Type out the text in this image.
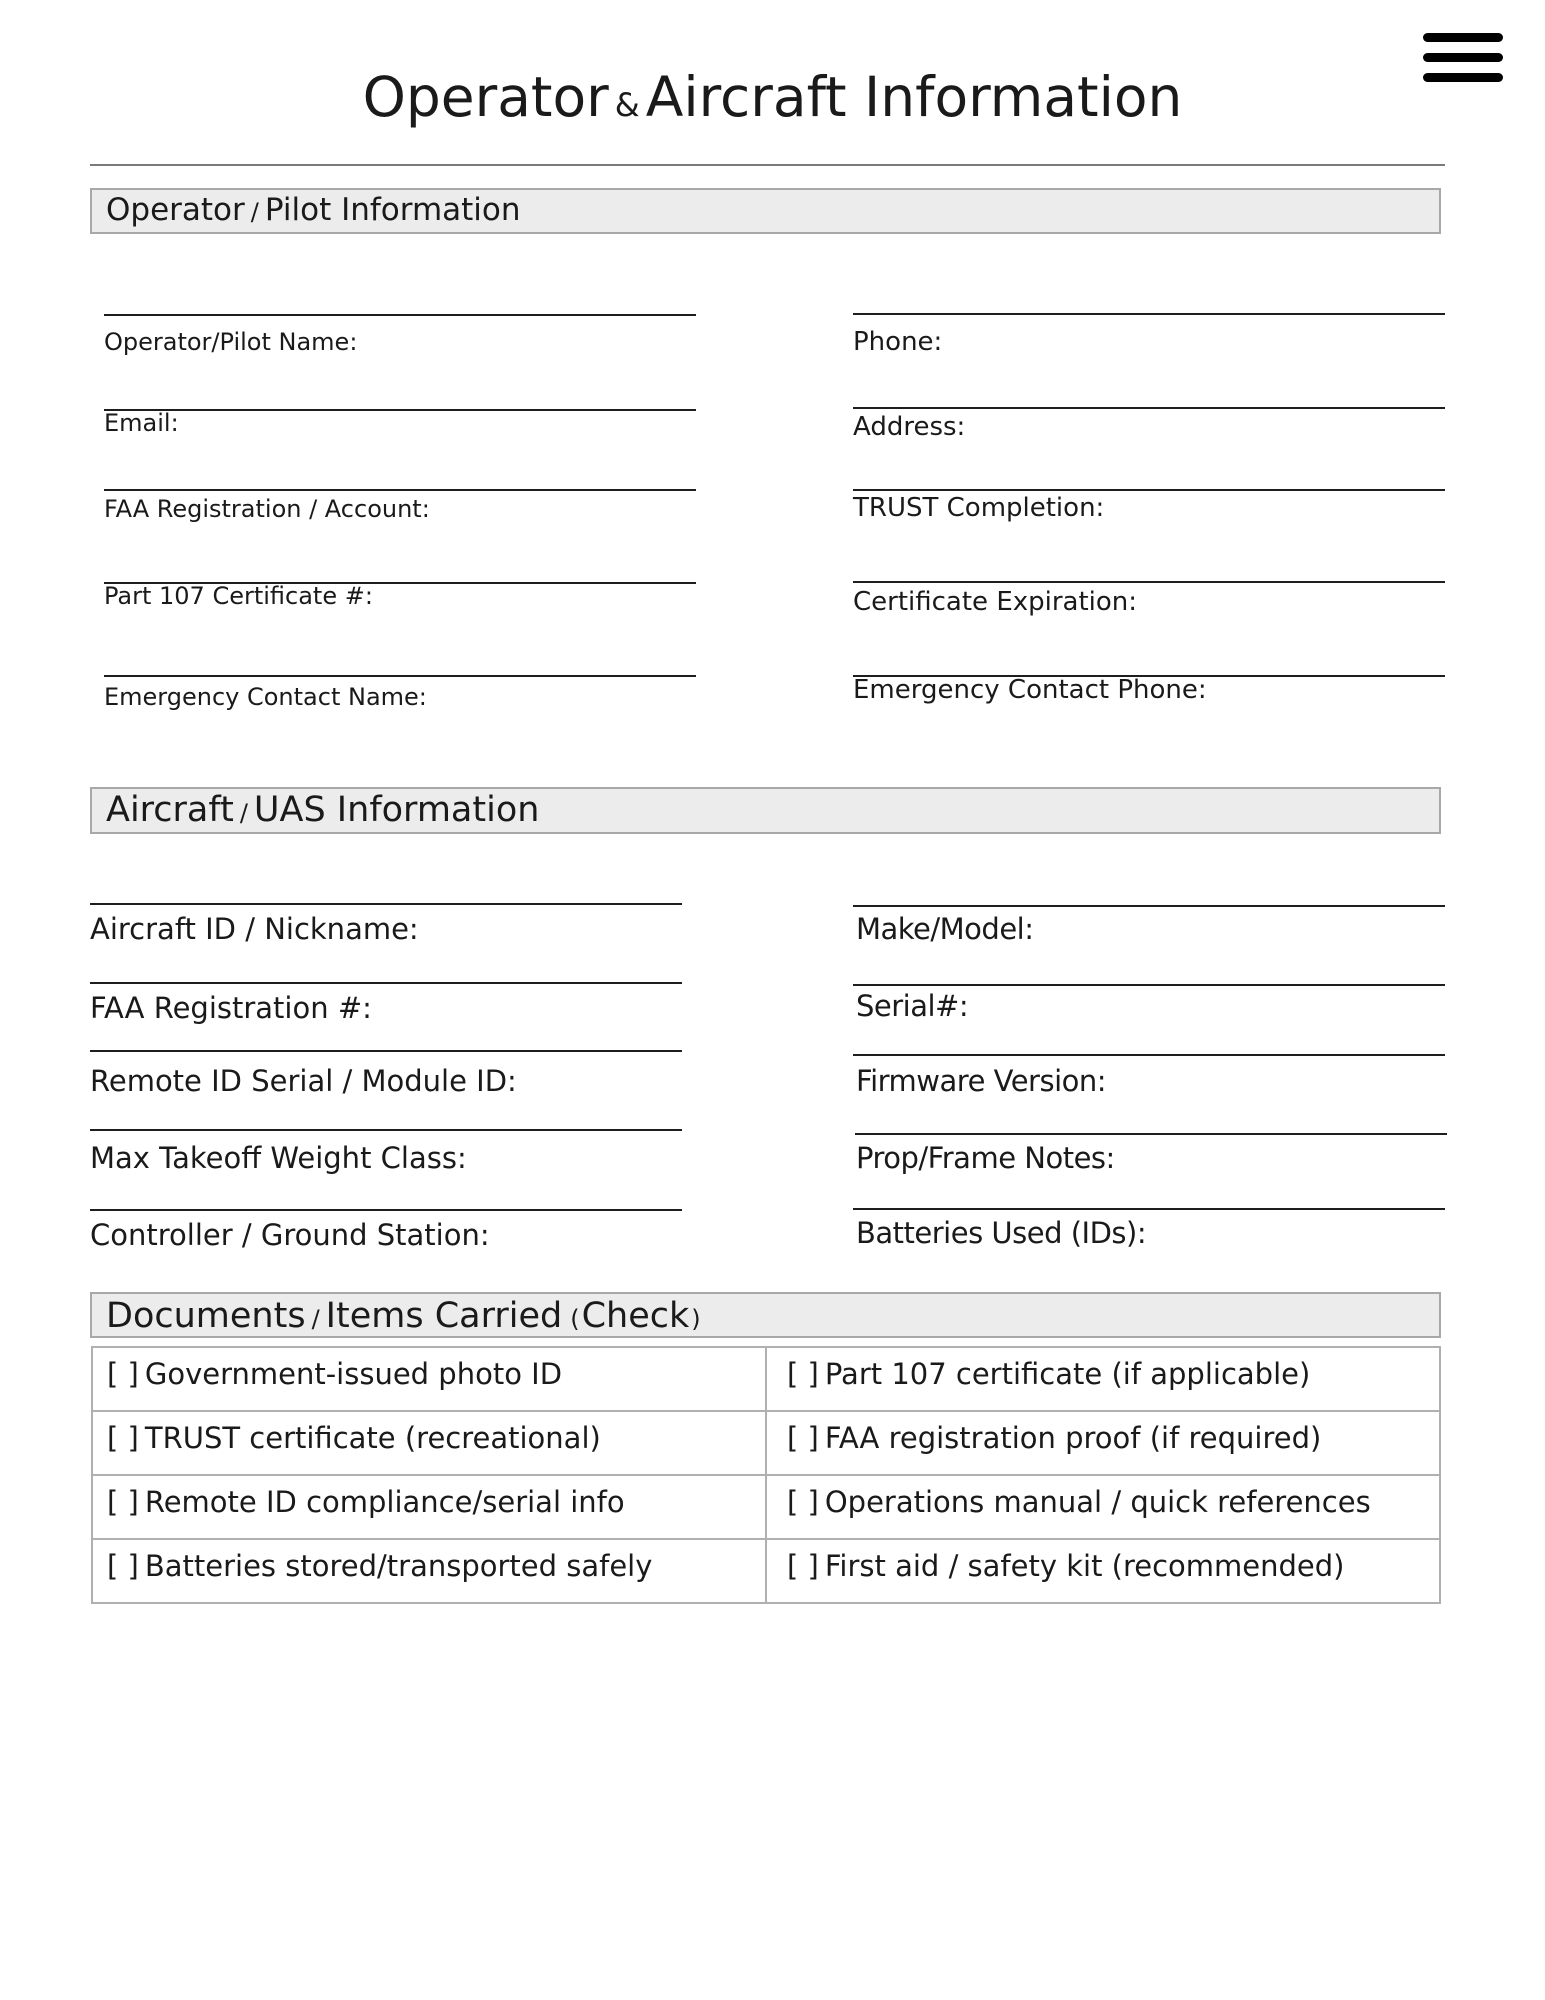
Operator & Aircraft Information
Operator / Pilot Information
Operator/Pilot Name:
Email:
FAA Registration / Account:
Part 107 Certificate #:
Emergency Contact Name:
Phone:
Address:
TRUST Completion:
Certificate Expiration:
Emergency Contact Phone:
Aircraft / UAS Information
Aircraft ID / Nickname:
FAA Registration #:
Remote ID Serial / Module ID:
Max Takeoff Weight Class:
Controller / Ground Station:
Make/Model:
Serial#:
Firmware Version:
Prop/Frame Notes:
Batteries Used (IDs):
Documents / Items Carried (Check)
[ ] Government-issued photo ID	[ ] Part 107 certificate (if applicable)
[ ] TRUST certificate (recreational)	[ ] FAA registration proof (if required)
[ ] Remote ID compliance/serial info	[ ] Operations manual / quick references
[ ] Batteries stored/transported safely	[ ] First aid / safety kit (recommended)
